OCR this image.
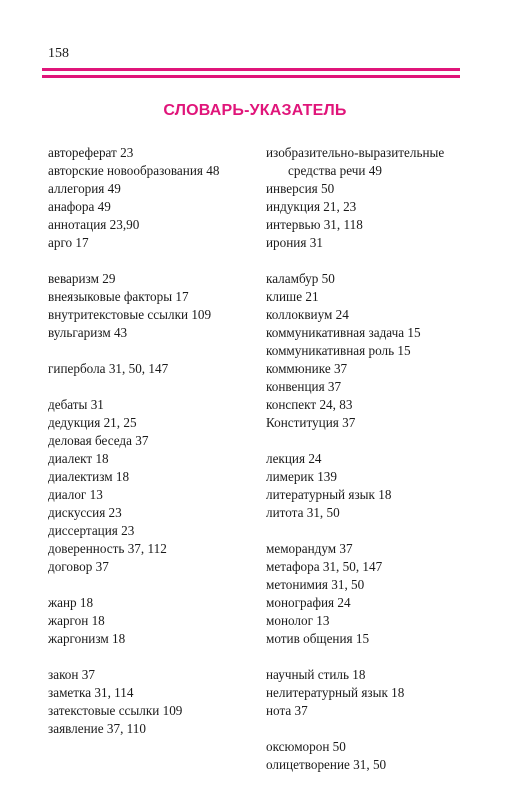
158
СЛОВАРЬ-УКАЗАТЕЛЬ
автореферат 23
авторские новообразования 48
аллегория 49
анафора 49
аннотация 23,90
арго 17
веваризм 29
внеязыковые факторы 17
внутритекстовые ссылки 109
вульгаризм 43
гипербола 31, 50, 147
дебаты 31
дедукция 21, 25
деловая беседа 37
диалект 18
диалектизм 18
диалог 13
дискуссия 23
диссертация 23
доверенность 37, 112
договор 37
жанр 18
жаргон 18
жаргонизм 18
закон 37
заметка 31, 114
затекстовые ссылки 109
заявление 37, 110
изобразительно-выразительные
средства речи 49
инверсия 50
индукция 21, 23
интервью 31, 118
ирония 31
каламбур 50
клише 21
коллоквиум 24
коммуникативная задача 15
коммуникативная роль 15
коммюнике 37
конвенция 37
конспект 24, 83
Конституция 37
лекция 24
лимерик 139
литературный язык 18
литота 31, 50
меморандум 37
метафора 31, 50, 147
метонимия 31, 50
монография 24
монолог 13
мотив общения 15
научный стиль 18
нелитературный язык 18
нота 37
оксюморон 50
олицетворение 31, 50
